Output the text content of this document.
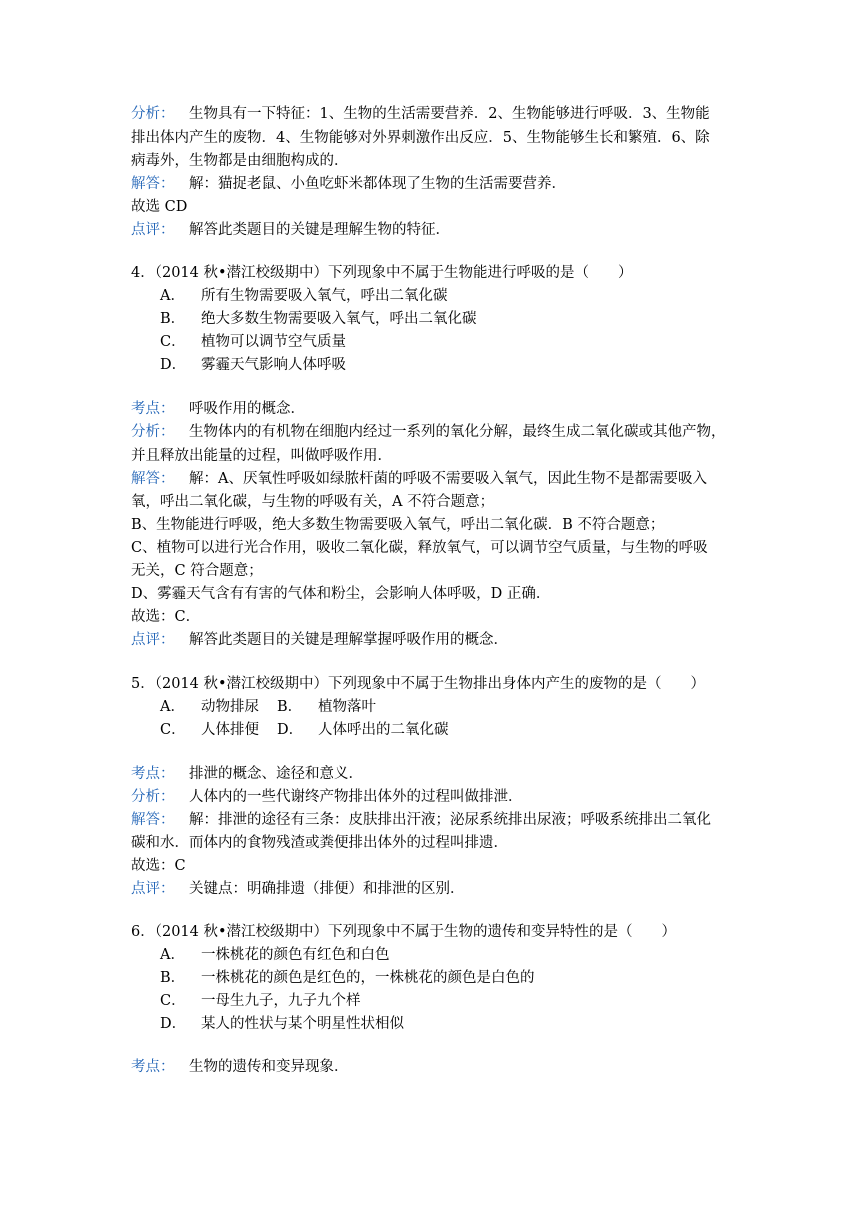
分析： 生物具有一下特征：1、生物的生活需要营养．2、生物能够进行呼吸．3、生物能
排出体内产生的废物．4、生物能够对外界刺激作出反应．5、生物能够生长和繁殖．6、除
病毒外，生物都是由细胞构成的．
解答： 解：猫捉老鼠、小鱼吃虾米都体现了生物的生活需要营养．
故选 CD
点评： 解答此类题目的关键是理解生物的特征．
4．（2014 秋•潜江校级期中）下列现象中不属于生物能进行呼吸的是（　　）
A． 所有生物需要吸入氧气，呼出二氧化碳
B． 绝大多数生物需要吸入氧气，呼出二氧化碳
C． 植物可以调节空气质量
D． 雾霾天气影响人体呼吸
考点： 呼吸作用的概念．
分析： 生物体内的有机物在细胞内经过一系列的氧化分解，最终生成二氧化碳或其他产物，
并且释放出能量的过程，叫做呼吸作用．
解答： 解：A、厌氧性呼吸如绿脓杆菌的呼吸不需要吸入氧气，因此生物不是都需要吸入
氧，呼出二氧化碳，与生物的呼吸有关，A 不符合题意；
B、生物能进行呼吸，绝大多数生物需要吸入氧气，呼出二氧化碳．B 不符合题意；
C、植物可以进行光合作用，吸收二氧化碳，释放氧气，可以调节空气质量，与生物的呼吸
无关，C 符合题意；
D、雾霾天气含有有害的气体和粉尘，会影响人体呼吸，D 正确．
故选：C．
点评： 解答此类题目的关键是理解掌握呼吸作用的概念．
5．（2014 秋•潜江校级期中）下列现象中不属于生物排出身体内产生的废物的是（　　）
A． 动物排尿 B． 植物落叶
C． 人体排便 D． 人体呼出的二氧化碳
考点： 排泄的概念、途径和意义．
分析： 人体内的一些代谢终产物排出体外的过程叫做排泄．
解答： 解：排泄的途径有三条：皮肤排出汗液；泌尿系统排出尿液；呼吸系统排出二氧化
碳和水．而体内的食物残渣或粪便排出体外的过程叫排遗．
故选：C
点评： 关键点：明确排遗（排便）和排泄的区别．
6．（2014 秋•潜江校级期中）下列现象中不属于生物的遗传和变异特性的是（　　）
A． 一株桃花的颜色有红色和白色
B． 一株桃花的颜色是红色的，一株桃花的颜色是白色的
C． 一母生九子，九子九个样
D． 某人的性状与某个明星性状相似
考点： 生物的遗传和变异现象．
